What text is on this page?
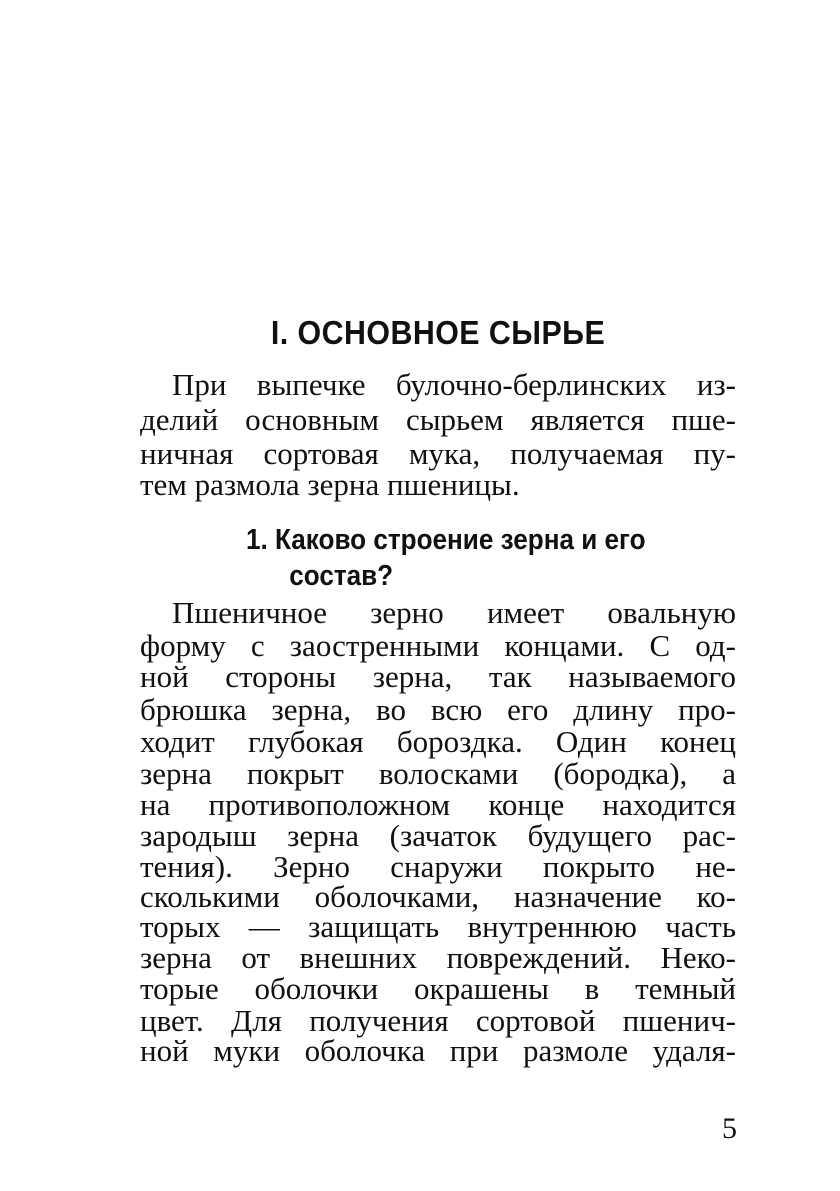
I. ОСНОВНОЕ СЫРЬЕ
При выпечке булочно-берлинских из-
делий основным сырьем является пше-
ничная сортовая мука, получаемая пу-
тем размола зерна пшеницы.
1. Каково строение зерна и его
состав?
Пшеничное зерно имеет овальную
форму с заостренными концами. С од-
ной стороны зерна, так называемого
брюшка зерна, во всю его длину про-
ходит глубокая бороздка. Один конец
зерна покрыт волосками (бородка), а
на противоположном конце находится
зародыш зерна (зачаток будущего рас-
тения). Зерно снаружи покрыто не-
сколькими оболочками, назначение ко-
торых — защищать внутреннюю часть
зерна от внешних повреждений. Неко-
торые оболочки окрашены в темный
цвет. Для получения сортовой пшенич-
ной муки оболочка при размоле удаля-
5
